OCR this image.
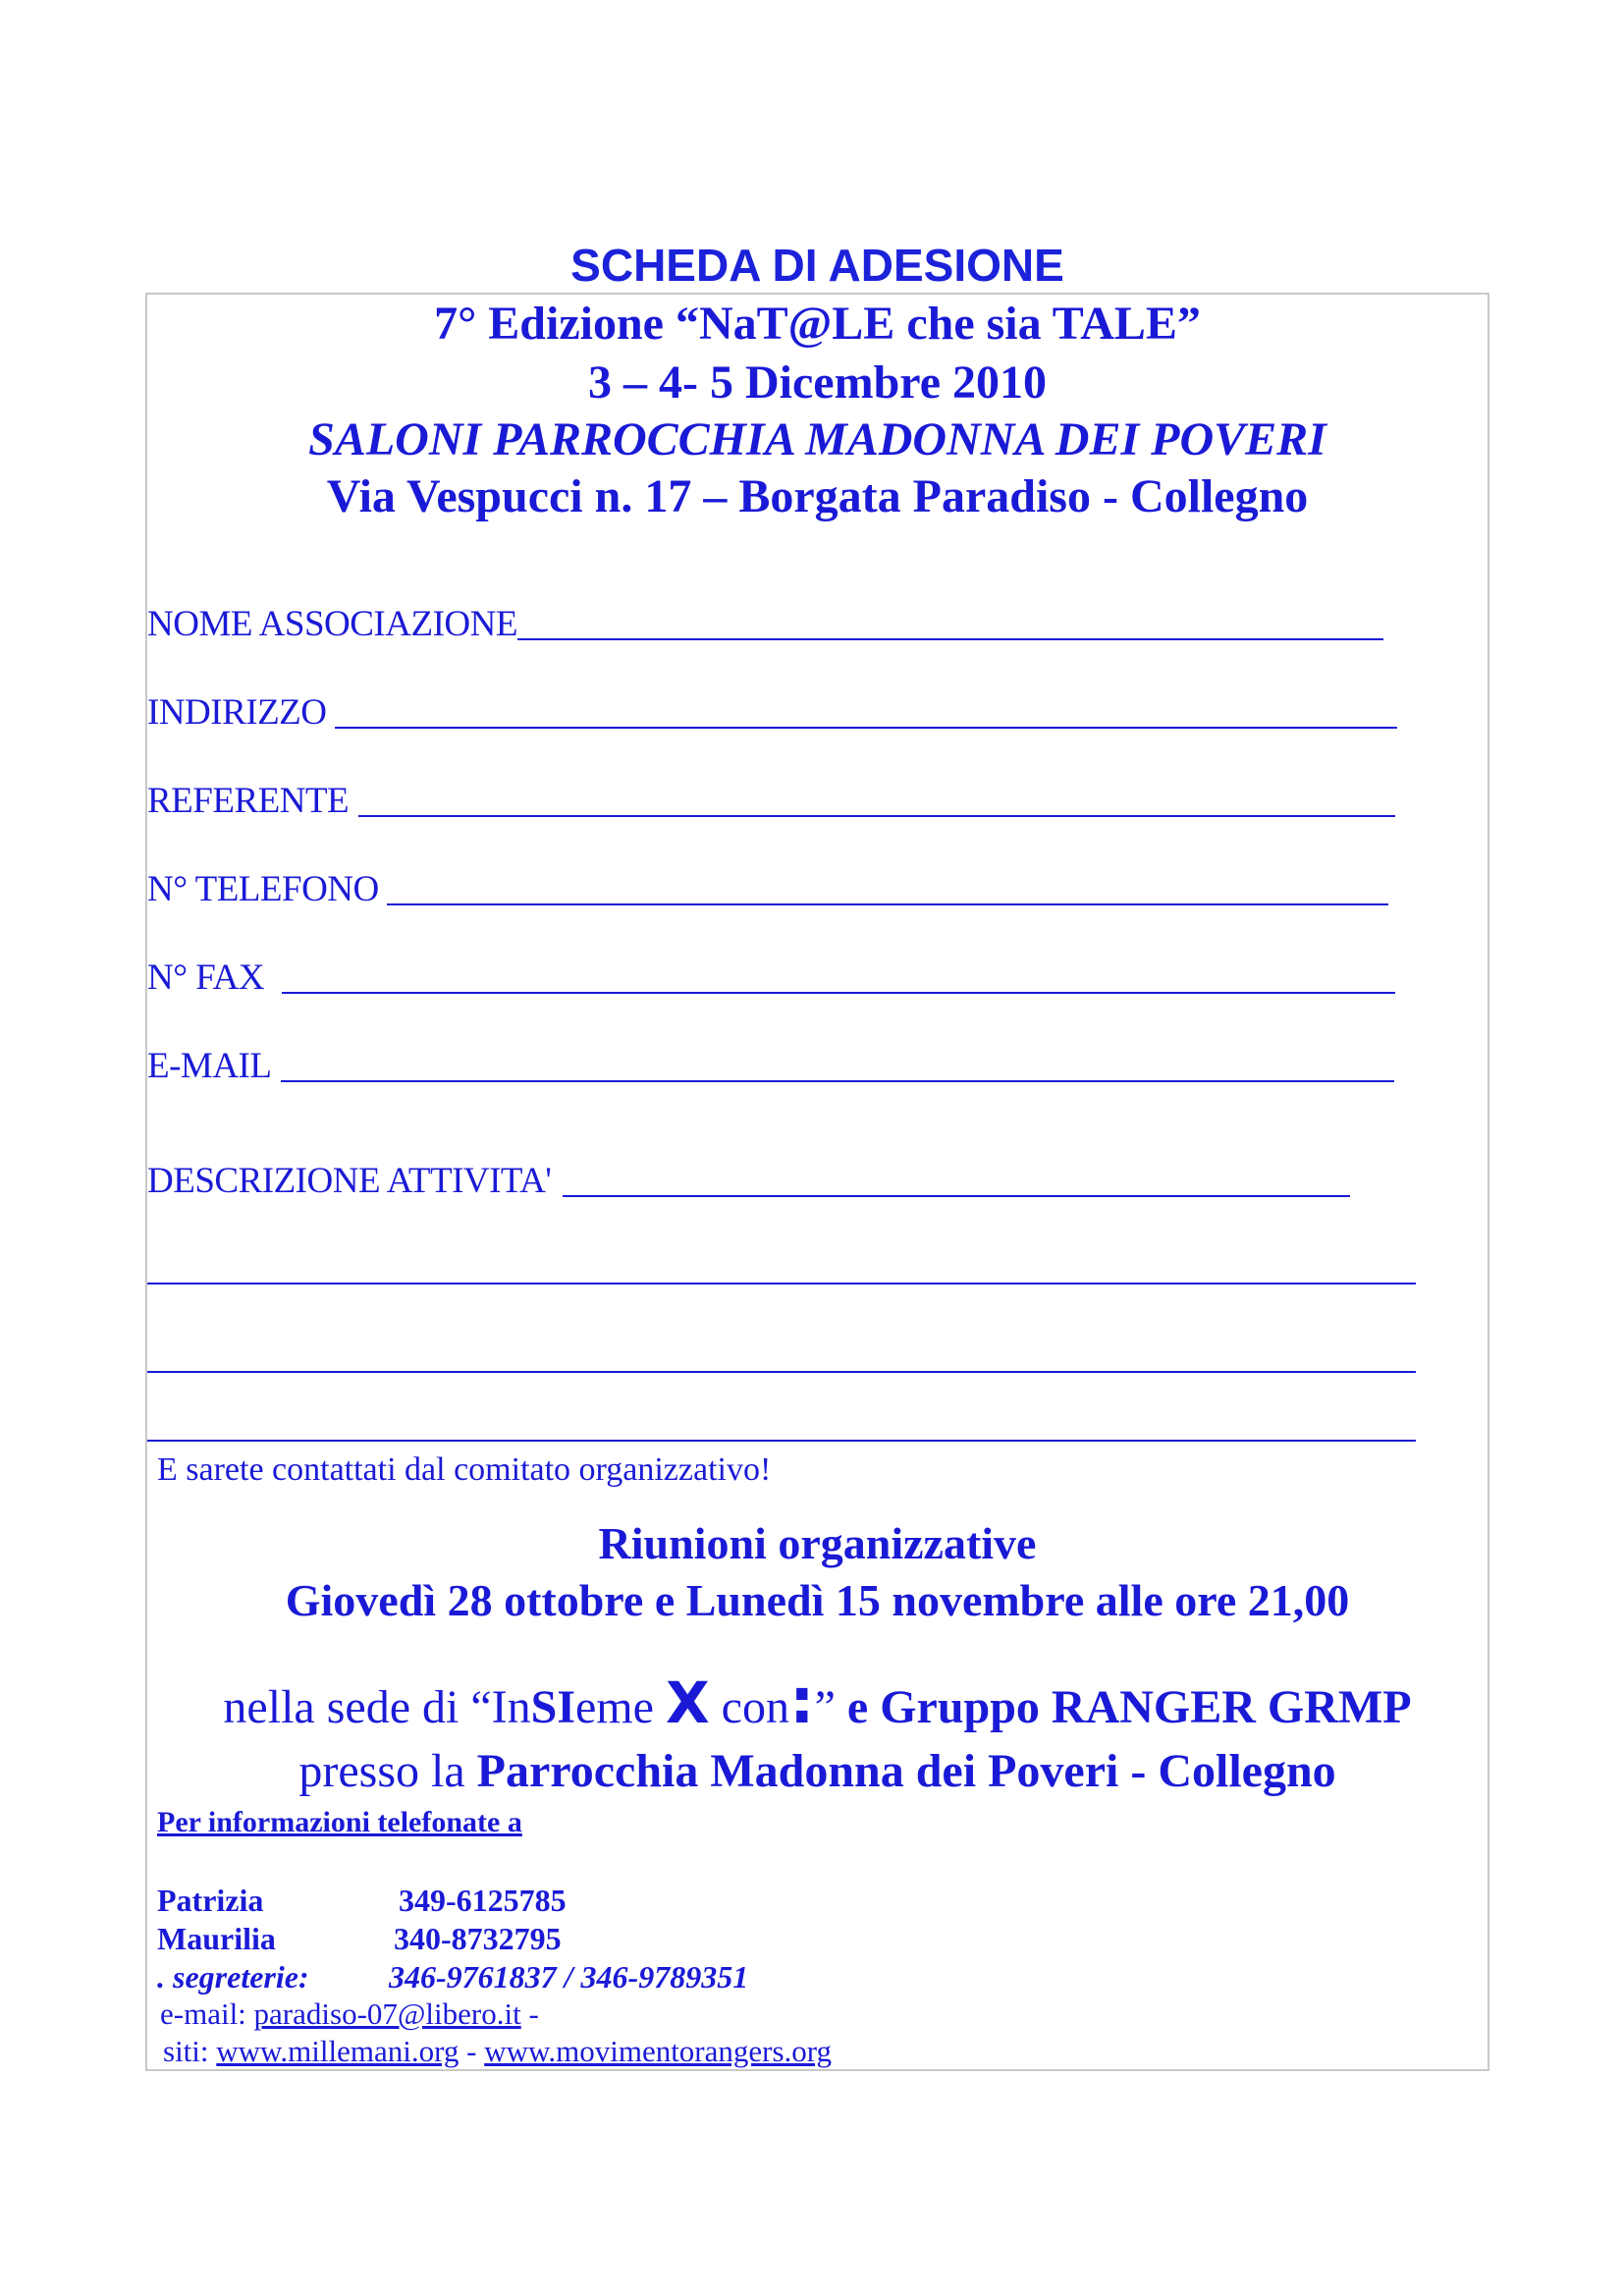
SCHEDA DI ADESIONE
7° Edizione “NaT@LE che sia TALE”
3 – 4- 5 Dicembre 2010
SALONI PARROCCHIA MADONNA DEI POVERI
Via Vespucci n. 17 – Borgata Paradiso - Collegno
NOME ASSOCIAZIONE
INDIRIZZO
REFERENTE
N° TELEFONO
N° FAX
E-MAIL
DESCRIZIONE ATTIVITA'
E sarete contattati dal comitato organizzativo!
Riunioni organizzative
Giovedì 28 ottobre e Lunedì 15 novembre alle ore 21,00
nella sede di “InSIeme X con:” e Gruppo RANGER GRMP
presso la Parrocchia Madonna dei Poveri - Collegno
Per informazioni telefonate a
Patrizia	349-6125785
Maurilia	340-8732795
. segreterie:	346-9761837 / 346-9789351
e-mail: paradiso-07@libero.it -
siti: www.millemani.org - www.movimentorangers.org
